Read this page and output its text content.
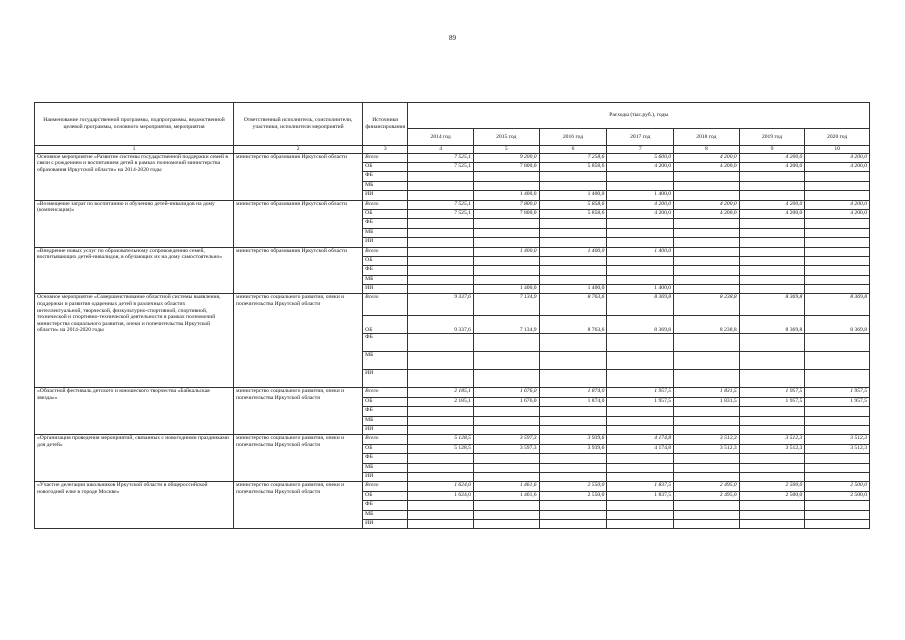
89
Наименование государственной программы, подпрограммы, ведомственной целевой программы, основного мероприятия, мероприятия	Ответственный исполнитель, соисполнители, участники, исполнители мероприятий	Источники финансирования	Расходы (тыс.руб.), годы						
			2014 год	2015 год	2016 год	2017 год	2018 год	2019 год	2020 год
1	2	3	4	5	6	7	8	9	10
Основное мероприятие «Развитие системы государственной поддержки семей в связи с рождением и воспитанием детей в рамках полномочий министерства образования Иркутской области» на 2014-2020 годы	министерство образования Иркутской области	Всего	7 525,1	9 200,0	7 258,6	5 600,0	4 200,0	4 200,0	4 200,0
		ОБ	7 525,1	7 800,0	5 858,6	4 200,0	4 200,0	4 200,0	4 200,0
		ФБ							
		МБ							
		ИИ		1 400,0	1 400,0	1 400,0			
«Возмещение затрат по воспитанию и обучению детей-инвалидов на дому (компенсация)»	министерство образования Иркутской области	Всего	7 525,1	7 800,0	5 858,6	4 200,0	4 200,0	4 200,0	4 200,0
		ОБ	7 525,1	7 800,0	5 858,6	4 200,0	4 200,0	4 200,0	4 200,0
		ФБ							
		МБ							
		ИИ							
«Внедрение новых услуг по образовательному сопровождению семей, воспитывающих детей-инвалидов, в обучающих их на дому самостоятельно»	министерство образования Иркутской области	Всего		1 400,0	1 400,0	1 400,0			
		ОБ							
		ФБ							
		МБ							
		ИИ		1 400,0	1 400,0	1 400,0			
Основное мероприятие «Совершенствование областной системы выявления, поддержки и развития одаренных детей в различных областях интеллектуальной, творческой, физкультурно-спортивной, спортивной, технической и спортивно-технической деятельности в рамках полномочий министерства социального развития, опеки и попечительства Иркутской области» на 2014-2020 годы	министерство социального развития, опеки и попечительства Иркутской области	Всего	9 337,6	7 134,9	8 763,6	8 369,8	8 238,8	8 369,8	8 369,8
		ОБ	9 337,6	7 134,9	8 763,6	8 369,8	8 238,8	8 369,8	8 369,8
		ФБ							
		МБ							
		ИИ							
«Областной фестиваль детского и юношеского творчества «Байкальская звезда»»	министерство социального развития, опеки и попечительства Иркутской области	Всего	2 185,1	1 676,0	1 874,0	1 957,5	1 831,5	1 957,5	1 957,5
		ОБ	2 185,1	1 676,0	1 874,0	1 957,5	1 831,5	1 957,5	1 957,5
		ФБ							
		МБ							
		ИИ							
«Организация проведения мероприятий, связанных с новогодними праздниками для детей»	министерство социального развития, опеки и попечительства Иркутской области	Всего	5 128,5	3 597,3	3 939,6	4 174,8	3 512,3	3 512,3	3 512,3
		ОБ	5 128,5	3 597,3	3 939,6	4 174,8	3 512,3	3 512,3	3 512,3
		ФБ							
		МБ							
		ИИ							
«Участие делегации школьников Иркутской области в общероссийской новогодней елке в городе Москве»	министерство социального развития, опеки и попечительства Иркутской области	Всего	1 624,0	1 461,6	2 550,0	1 837,5	2 495,0	2 500,0	2 500,0
		ОБ	1 624,0	1 461,6	2 550,0	1 837,5	2 495,0	2 500,0	2 500,0
		ФБ							
		МБ							
		ИИ							
